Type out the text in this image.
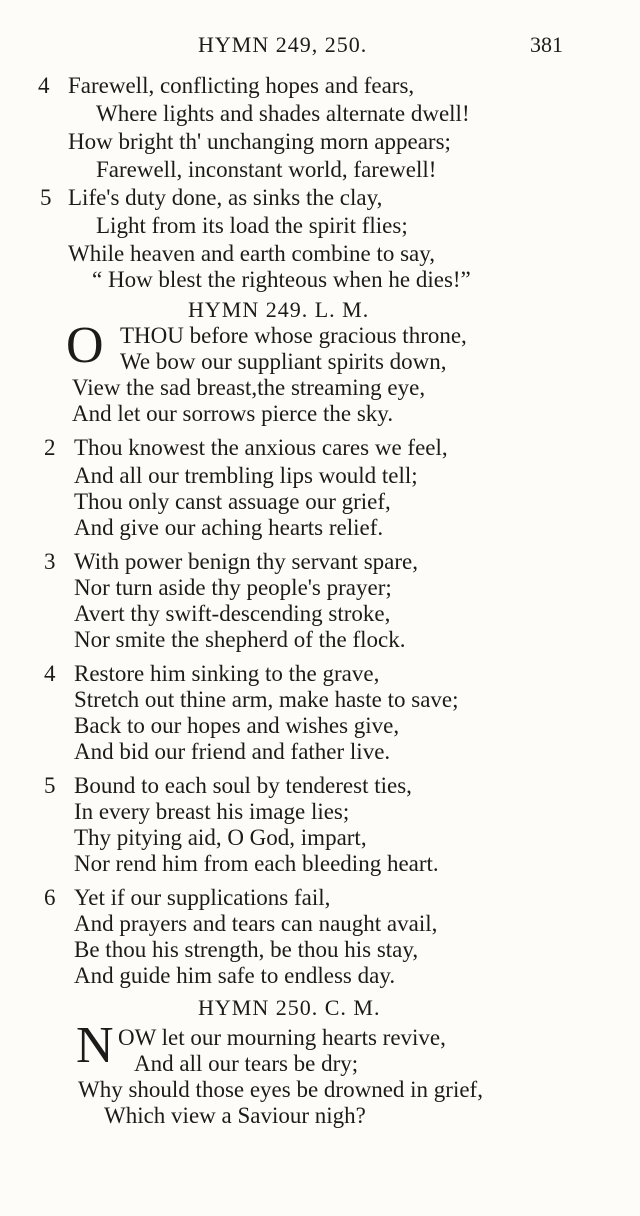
HYMN 249, 250.	381
4 Farewell, conflicting hopes and fears,
Where lights and shades alternate dwell!
How bright th' unchanging morn appears;
Farewell, inconstant world, farewell!
5 Life's duty done, as sinks the clay,
Light from its load the spirit flies;
While heaven and earth combine to say,
“ How blest the righteous when he dies!”
HYMN 249. L. M.
O THOU before whose gracious throne,
We bow our suppliant spirits down,
View the sad breast,the streaming eye,
And let our sorrows pierce the sky.
2 Thou knowest the anxious cares we feel,
And all our trembling lips would tell;
Thou only canst assuage our grief,
And give our aching hearts relief.
3 With power benign thy servant spare,
Nor turn aside thy people's prayer;
Avert thy swift-descending stroke,
Nor smite the shepherd of the flock.
4 Restore him sinking to the grave,
Stretch out thine arm, make haste to save;
Back to our hopes and wishes give,
And bid our friend and father live.
5 Bound to each soul by tenderest ties,
In every breast his image lies;
Thy pitying aid, O God, impart,
Nor rend him from each bleeding heart.
6 Yet if our supplications fail,
And prayers and tears can naught avail,
Be thou his strength, be thou his stay,
And guide him safe to endless day.
HYMN 250. C. M.
N OW let our mourning hearts revive,
And all our tears be dry;
Why should those eyes be drowned in grief,
Which view a Saviour nigh?
